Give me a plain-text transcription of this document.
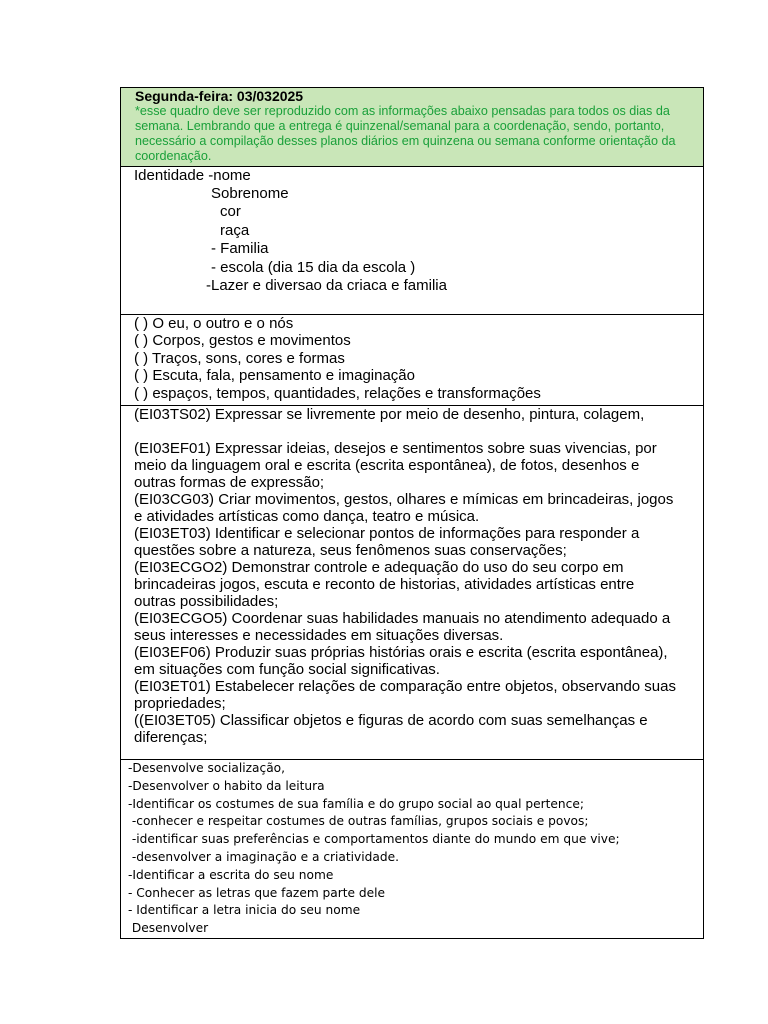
Segunda-feira: 03/032025
*esse quadro deve ser reproduzido com as informações abaixo pensadas para todos os dias da semana. Lembrando que a entrega é quinzenal/semanal para a coordenação, sendo, portanto, necessário a compilação desses planos diários em quinzena ou semana conforme orientação da coordenação.
Identidade -nome
Sobrenome
cor
raça
- Familia
- escola (dia 15 dia da escola )
-Lazer e diversao da criaca e familia
( ) O eu, o outro e o nós
( ) Corpos, gestos e movimentos
( ) Traços, sons, cores e formas
( ) Escuta, fala, pensamento e imaginação
( ) espaços, tempos, quantidades, relações e transformações
(EI03TS02) Expressar se livremente por meio de desenho, pintura, colagem,
(EI03EF01) Expressar ideias, desejos e sentimentos sobre suas vivencias, por meio da linguagem oral e escrita (escrita espontânea), de fotos, desenhos e outras formas de expressão;
(EI03CG03) Criar movimentos, gestos, olhares e mímicas em brincadeiras, jogos e atividades artísticas como dança, teatro e música.
(EI03ET03) Identificar e selecionar pontos de informações para responder a questões sobre a natureza, seus fenômenos suas conservações;
(EI03ECGO2) Demonstrar controle e adequação do uso do seu corpo em brincadeiras jogos, escuta e reconto de historias, atividades artísticas entre outras possibilidades;
(EI03ECGO5) Coordenar suas habilidades manuais no atendimento adequado a seus interesses e necessidades em situações diversas.
(EI03EF06) Produzir suas próprias histórias orais e escrita (escrita espontânea), em situações com função social significativas.
(EI03ET01) Estabelecer relações de comparação entre objetos, observando suas propriedades;
((EI03ET05) Classificar objetos e figuras de acordo com suas semelhanças e diferenças;
-Desenvolve socialização,
-Desenvolver o habito da leitura
-Identificar os costumes de sua família e do grupo social ao qual pertence;
-conhecer e respeitar costumes de outras famílias, grupos sociais e povos;
-identificar suas preferências e comportamentos diante do mundo em que vive;
-desenvolver a imaginação e a criatividade.
-Identificar a escrita do seu nome
- Conhecer as letras que fazem parte dele
- Identificar a letra inicia do seu nome
Desenvolver
